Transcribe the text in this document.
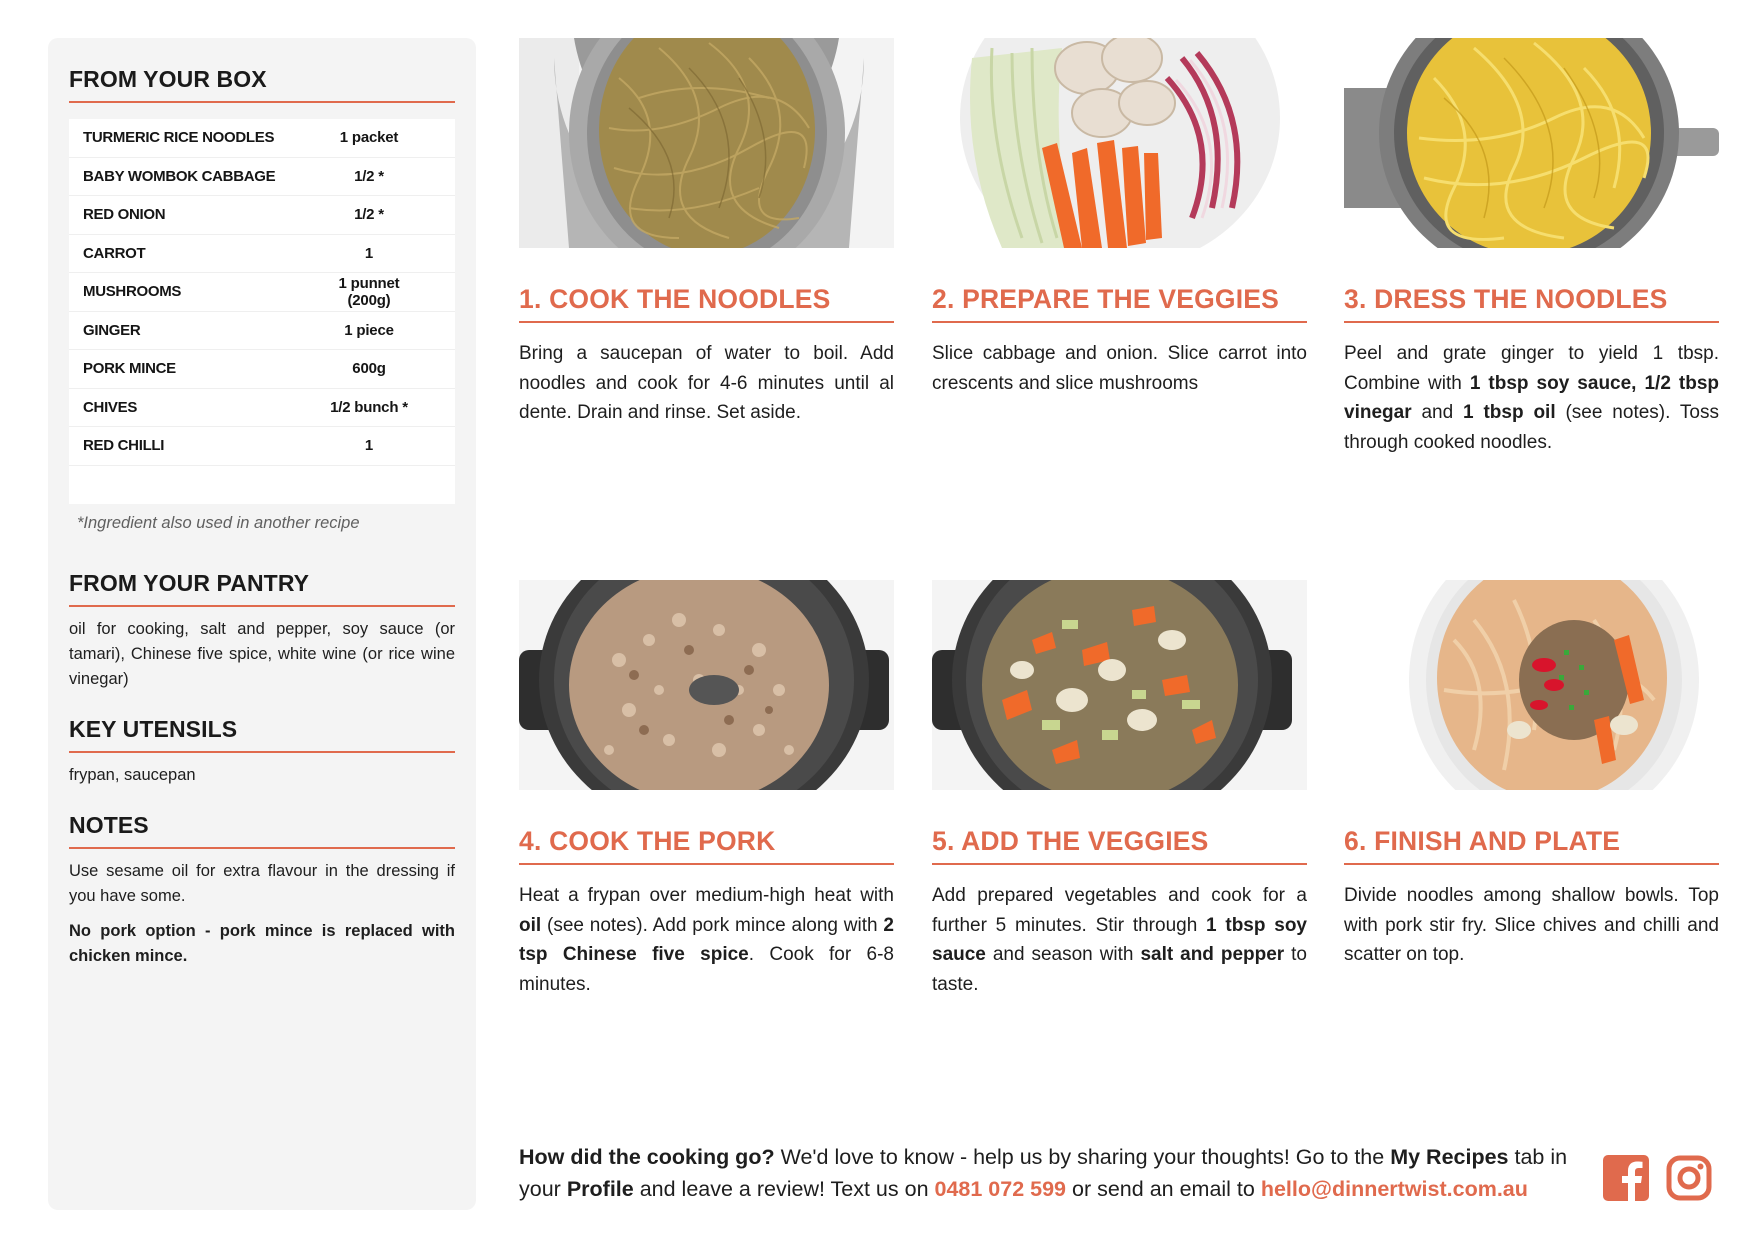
FROM YOUR BOX
TURMERIC RICE NOODLES	1 packet
BABY WOMBOK CABBAGE	1/2 *
RED ONION	1/2 *
CARROT	1
MUSHROOMS	1 punnet (200g)
GINGER	1 piece
PORK MINCE	600g
CHIVES	1/2 bunch *
RED CHILLI	1
*Ingredient also used in another recipe
FROM YOUR PANTRY
oil for cooking, salt and pepper, soy sauce (or tamari), Chinese five spice, white wine (or rice wine vinegar)
KEY UTENSILS
frypan, saucepan
NOTES
Use sesame oil for extra flavour in the dressing if you have some.
No pork option - pork mince is replaced with chicken mince.
1. COOK THE NOODLES
Bring a saucepan of water to boil. Add noodles and cook for 4-6 minutes until al dente. Drain and rinse. Set aside.
2. PREPARE THE VEGGIES
Slice cabbage and onion. Slice carrot into crescents and slice mushrooms
3. DRESS THE NOODLES
Peel and grate ginger to yield 1 tbsp. Combine with 1 tbsp soy sauce, 1/2 tbsp vinegar and 1 tbsp oil (see notes). Toss through cooked noodles.
4. COOK THE PORK
Heat a frypan over medium-high heat with oil (see notes). Add pork mince along with 2 tsp Chinese five spice. Cook for 6-8 minutes.
5. ADD THE VEGGIES
Add prepared vegetables and cook for a further 5 minutes. Stir through 1 tbsp soy sauce and season with salt and pepper to taste.
6. FINISH AND PLATE
Divide noodles among shallow bowls. Top with pork stir fry. Slice chives and chilli and scatter on top.
How did the cooking go? We'd love to know - help us by sharing your thoughts! Go to the My Recipes tab in your Profile and leave a review! Text us on 0481 072 599 or send an email to hello@dinnertwist.com.au
